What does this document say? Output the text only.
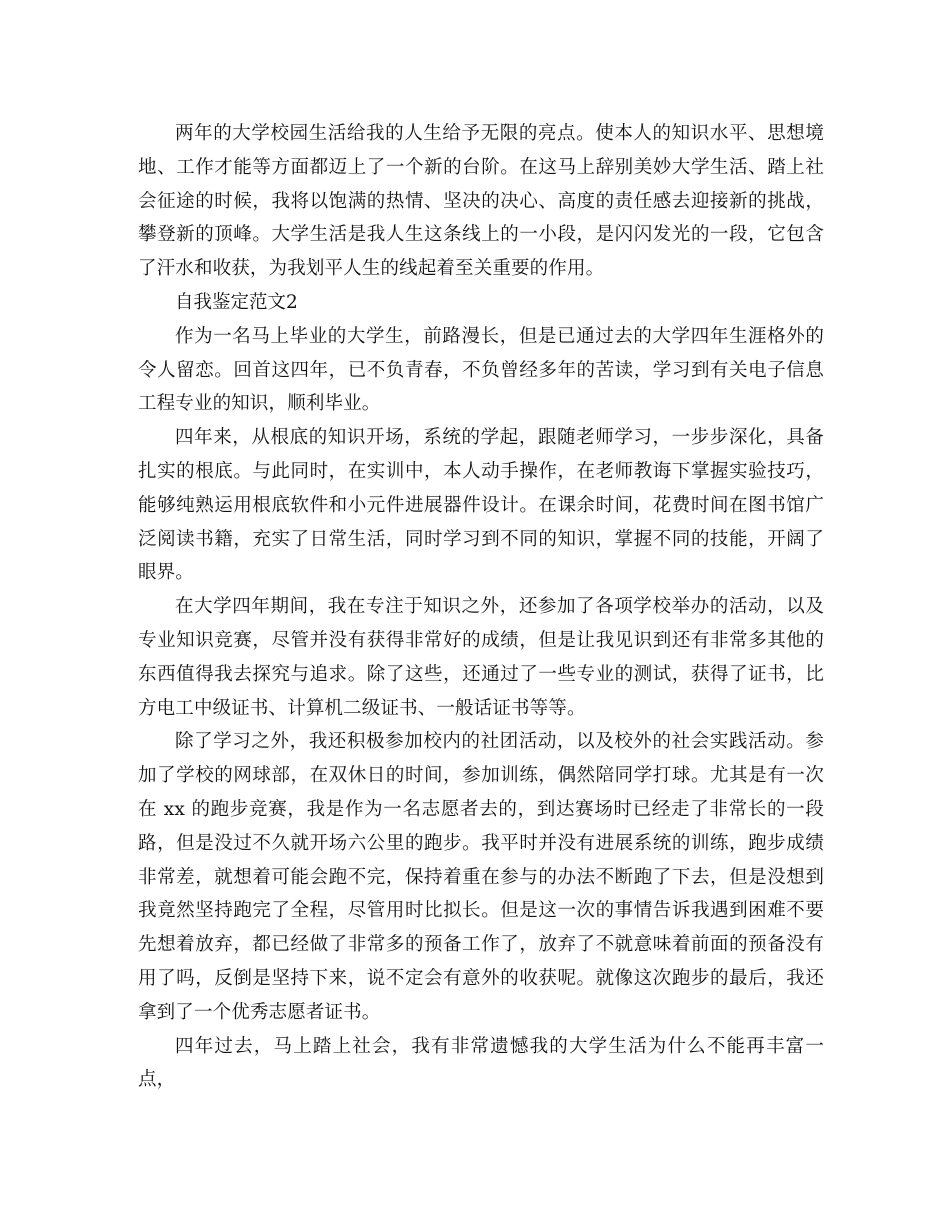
两年的大学校园生活给我的人生给予无限的亮点。使本人的知识水平、思想境地、工作才能等方面都迈上了一个新的台阶。在这马上辞别美妙大学生活、踏上社会征途的时候，我将以饱满的热情、坚决的决心、高度的责任感去迎接新的挑战，攀登新的顶峰。大学生活是我人生这条线上的一小段，是闪闪发光的一段，它包含了汗水和收获，为我划平人生的线起着至关重要的作用。

自我鉴定范文2

作为一名马上毕业的大学生，前路漫长，但是已通过去的大学四年生涯格外的令人留恋。回首这四年，已不负青春，不负曾经多年的苦读，学习到有关电子信息工程专业的知识，顺利毕业。

四年来，从根底的知识开场，系统的学起，跟随老师学习，一步步深化，具备扎实的根底。与此同时，在实训中，本人动手操作，在老师教诲下掌握实验技巧，能够纯熟运用根底软件和小元件进展器件设计。在课余时间，花费时间在图书馆广泛阅读书籍，充实了日常生活，同时学习到不同的知识，掌握不同的技能，开阔了眼界。

在大学四年期间，我在专注于知识之外，还参加了各项学校举办的活动，以及专业知识竞赛，尽管并没有获得非常好的成绩，但是让我见识到还有非常多其他的东西值得我去探究与追求。除了这些，还通过了一些专业的测试，获得了证书，比方电工中级证书、计算机二级证书、一般话证书等等。

除了学习之外，我还积极参加校内的社团活动，以及校外的社会实践活动。参加了学校的网球部，在双休日的时间，参加训练，偶然陪同学打球。尤其是有一次在 xx 的跑步竞赛，我是作为一名志愿者去的，到达赛场时已经走了非常长的一段路，但是没过不久就开场六公里的跑步。我平时并没有进展系统的训练，跑步成绩非常差，就想着可能会跑不完，保持着重在参与的办法不断跑了下去，但是没想到我竟然坚持跑完了全程，尽管用时比拟长。但是这一次的事情告诉我遇到困难不要先想着放弃，都已经做了非常多的预备工作了，放弃了不就意味着前面的预备没有用了吗，反倒是坚持下来，说不定会有意外的收获呢。就像这次跑步的最后，我还拿到了一个优秀志愿者证书。

四年过去，马上踏上社会，我有非常遗憾我的大学生活为什么不能再丰富一点，
